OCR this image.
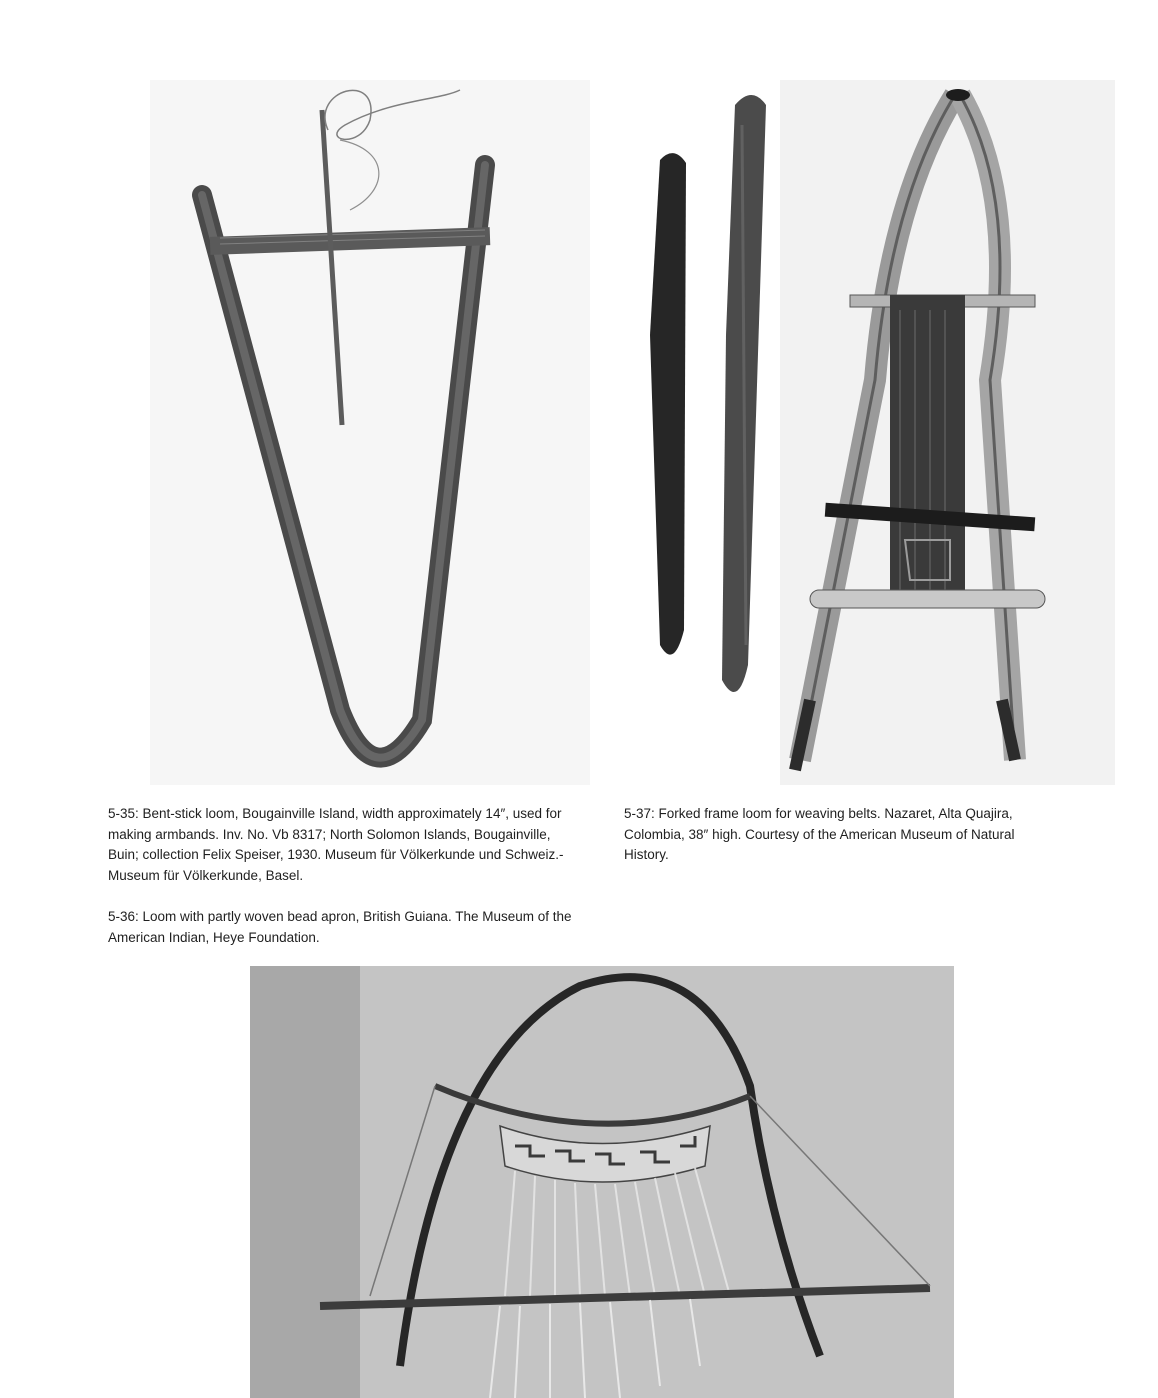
5-35: Bent-stick loom, Bougainville Island, width approximately 14″, used for making armbands. Inv. No. Vb 8317; North Solomon Islands, Bougainville, Buin; collection Felix Speiser, 1930. Museum für Völkerkunde und Schweiz.-Museum für Völkerkunde, Basel.

5-37: Forked frame loom for weaving belts. Nazaret, Alta Quajira, Colombia, 38″ high. Courtesy of the American Museum of Natural History.

5-36: Loom with partly woven bead apron, British Guiana. The Museum of the American Indian, Heye Foundation.
